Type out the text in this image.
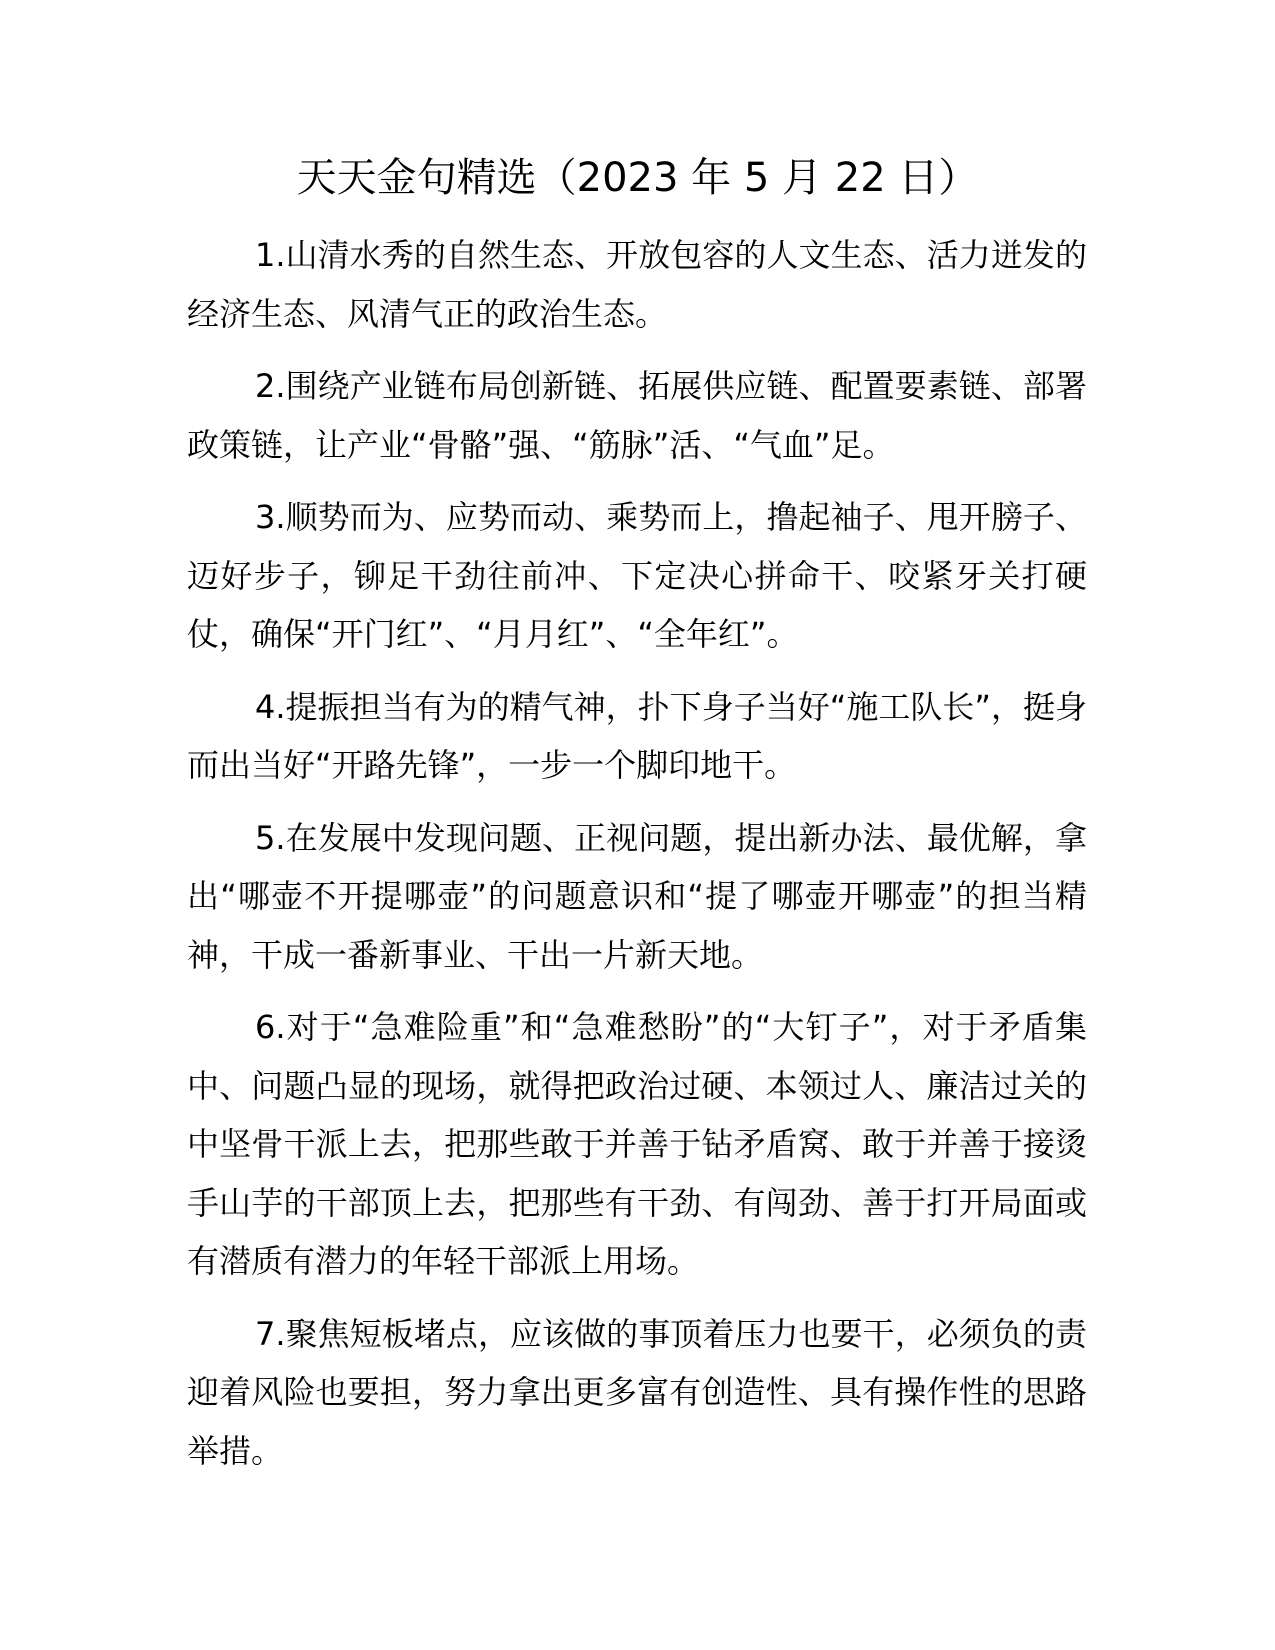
天天金句精选（2023 年 5 月 22 日）

1.山清水秀的自然生态、开放包容的人文生态、活力迸发的经济生态、风清气正的政治生态。

2.围绕产业链布局创新链、拓展供应链、配置要素链、部署政策链，让产业“骨骼”强、“筋脉”活、“气血”足。

3.顺势而为、应势而动、乘势而上，撸起袖子、甩开膀子、迈好步子，铆足干劲往前冲、下定决心拼命干、咬紧牙关打硬仗，确保“开门红”、“月月红”、“全年红”。

4.提振担当有为的精气神，扑下身子当好“施工队长”，挺身而出当好“开路先锋”，一步一个脚印地干。

5.在发展中发现问题、正视问题，提出新办法、最优解，拿出“哪壶不开提哪壶”的问题意识和“提了哪壶开哪壶”的担当精神，干成一番新事业、干出一片新天地。

6.对于“急难险重”和“急难愁盼”的“大钉子”，对于矛盾集中、问题凸显的现场，就得把政治过硬、本领过人、廉洁过关的中坚骨干派上去，把那些敢于并善于钻矛盾窝、敢于并善于接烫手山芋的干部顶上去，把那些有干劲、有闯劲、善于打开局面或有潜质有潜力的年轻干部派上用场。

7.聚焦短板堵点，应该做的事顶着压力也要干，必须负的责迎着风险也要担，努力拿出更多富有创造性、具有操作性的思路举措。
